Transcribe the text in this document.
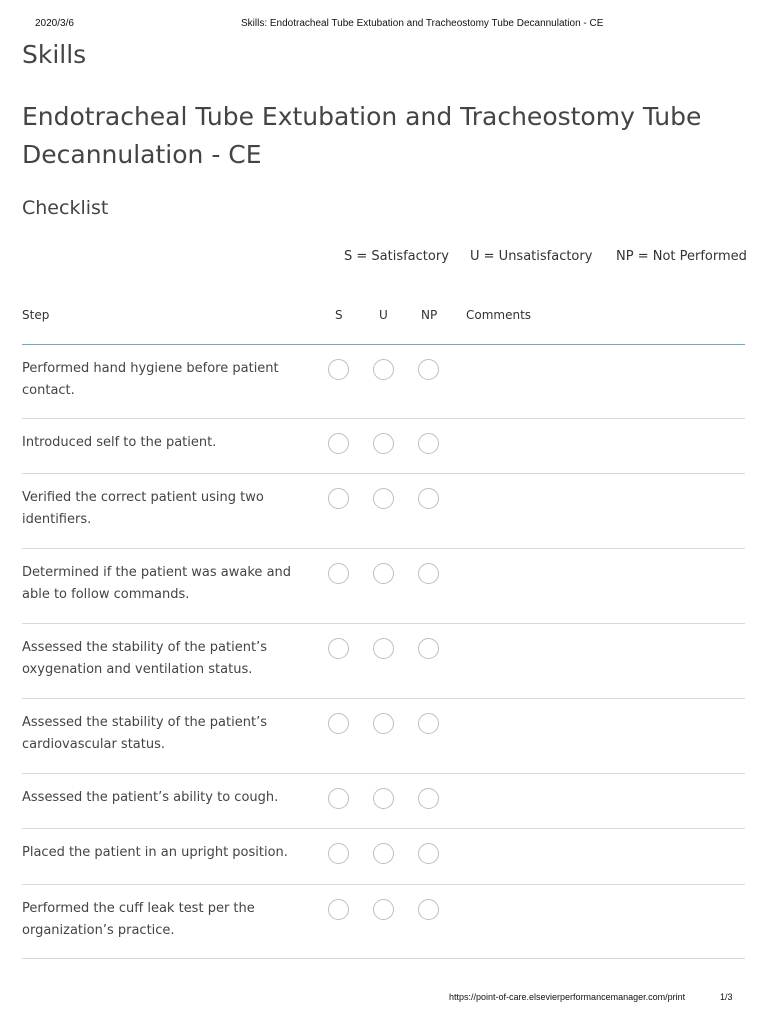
2020/3/6	Skills: Endotracheal Tube Extubation and Tracheostomy Tube Decannulation - CE
Skills
Endotracheal Tube Extubation and Tracheostomy Tube Decannulation - CE
Checklist
S = Satisfactory U = Unsatisfactory NP = Not Performed
Step	S	U	NP Comments
Performed hand hygiene before patient contact.
Introduced self to the patient.
Verified the correct patient using two identifiers.
Determined if the patient was awake and able to follow commands.
Assessed the stability of the patient’s oxygenation and ventilation status.
Assessed the stability of the patient’s cardiovascular status.
Assessed the patient’s ability to cough.
Placed the patient in an upright position.
Performed the cuff leak test per the organization’s practice.
https://point-of-care.elsevierperformancemanager.com/print	1/3
